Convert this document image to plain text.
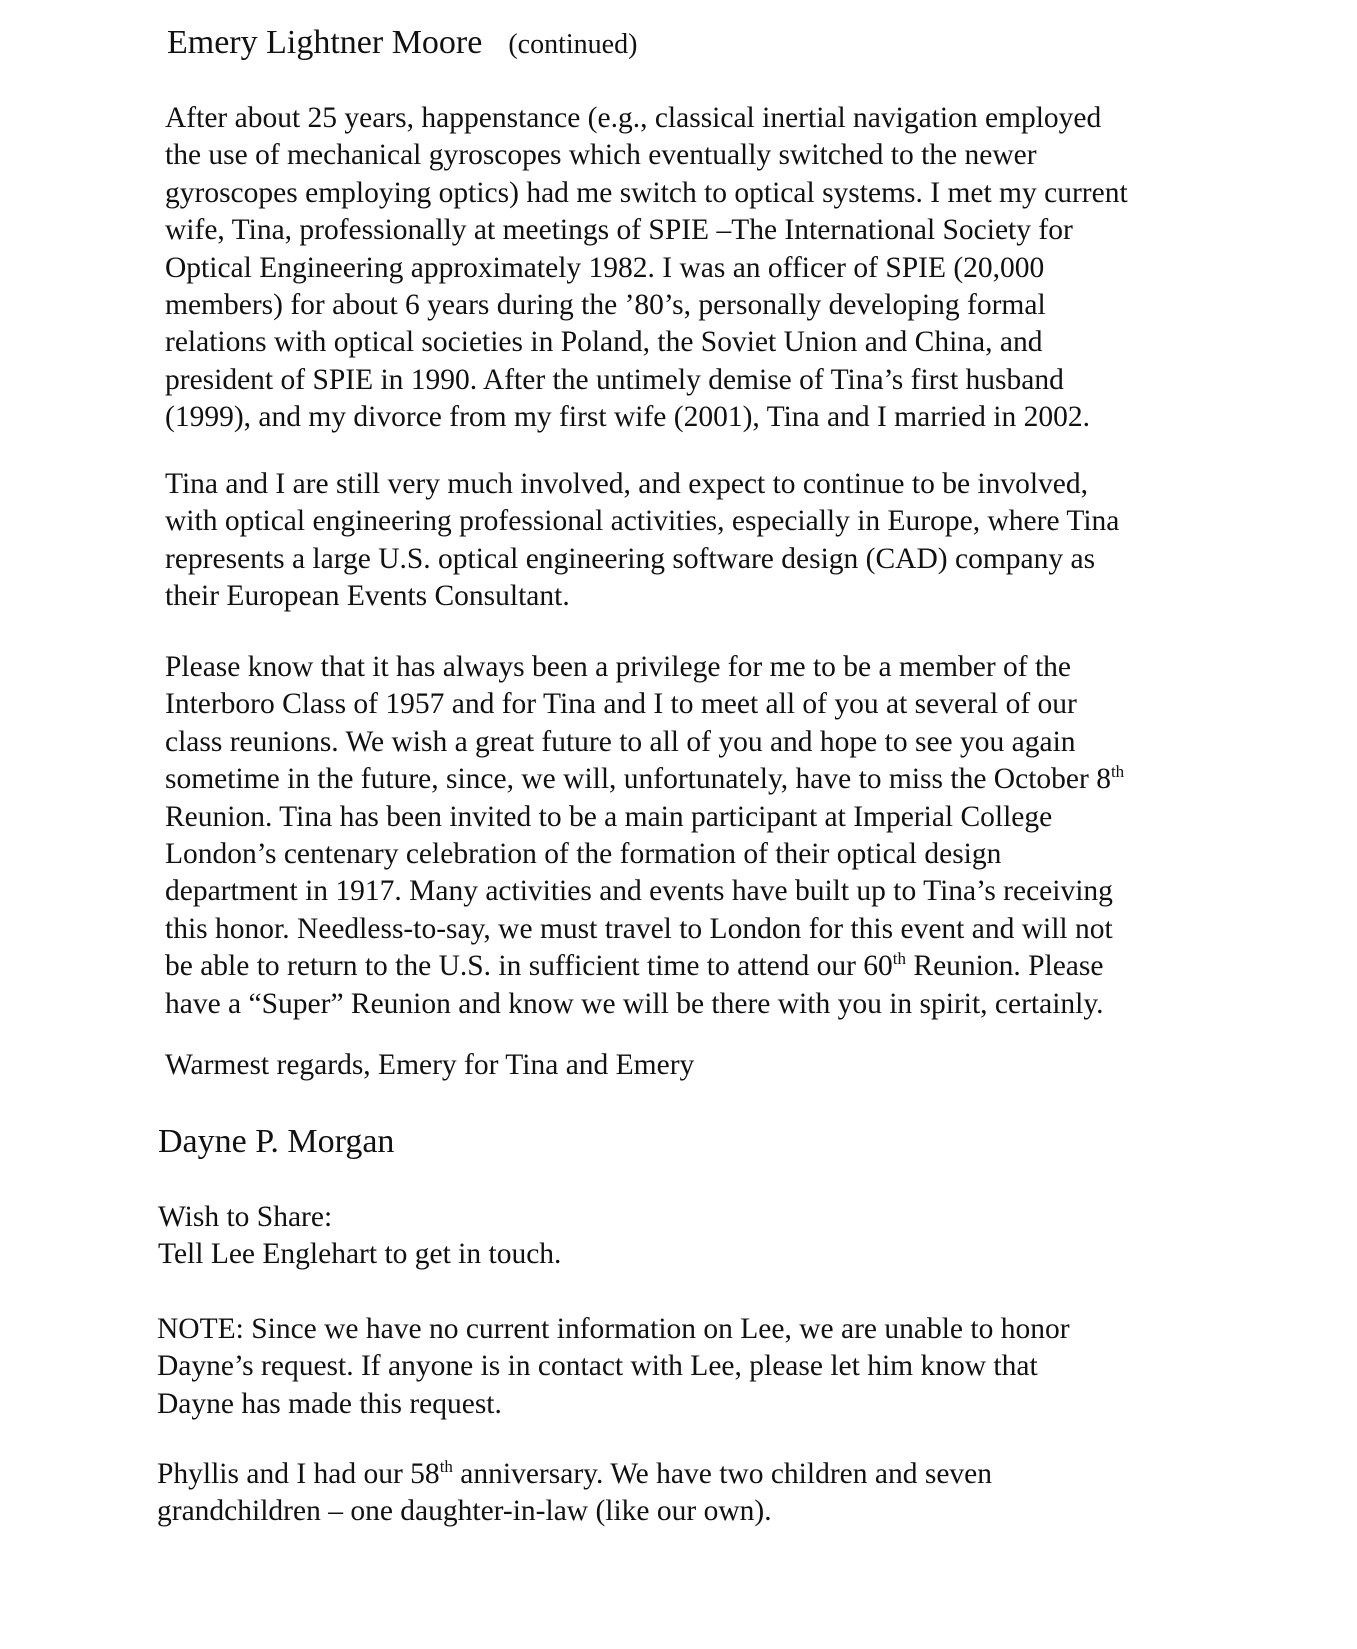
Emery Lightner Moore (continued)
After about 25 years, happenstance (e.g., classical inertial navigation employed
the use of mechanical gyroscopes which eventually switched to the newer
gyroscopes employing optics) had me switch to optical systems. I met my current
wife, Tina, professionally at meetings of SPIE –The International Society for
Optical Engineering approximately 1982. I was an officer of SPIE (20,000
members) for about 6 years during the ’80’s, personally developing formal
relations with optical societies in Poland, the Soviet Union and China, and
president of SPIE in 1990. After the untimely demise of Tina’s first husband
(1999), and my divorce from my first wife (2001), Tina and I married in 2002.
Tina and I are still very much involved, and expect to continue to be involved,
with optical engineering professional activities, especially in Europe, where Tina
represents a large U.S. optical engineering software design (CAD) company as
their European Events Consultant.
Please know that it has always been a privilege for me to be a member of the
Interboro Class of 1957 and for Tina and I to meet all of you at several of our
class reunions. We wish a great future to all of you and hope to see you again
sometime in the future, since, we will, unfortunately, have to miss the October 8th
Reunion. Tina has been invited to be a main participant at Imperial College
London’s centenary celebration of the formation of their optical design
department in 1917. Many activities and events have built up to Tina’s receiving
this honor. Needless-to-say, we must travel to London for this event and will not
be able to return to the U.S. in sufficient time to attend our 60th Reunion. Please
have a “Super” Reunion and know we will be there with you in spirit, certainly.
Warmest regards, Emery for Tina and Emery
Dayne P. Morgan
Wish to Share:
Tell Lee Englehart to get in touch.
NOTE: Since we have no current information on Lee, we are unable to honor
Dayne’s request. If anyone is in contact with Lee, please let him know that
Dayne has made this request.
Phyllis and I had our 58th anniversary. We have two children and seven
grandchildren – one daughter-in-law (like our own).
